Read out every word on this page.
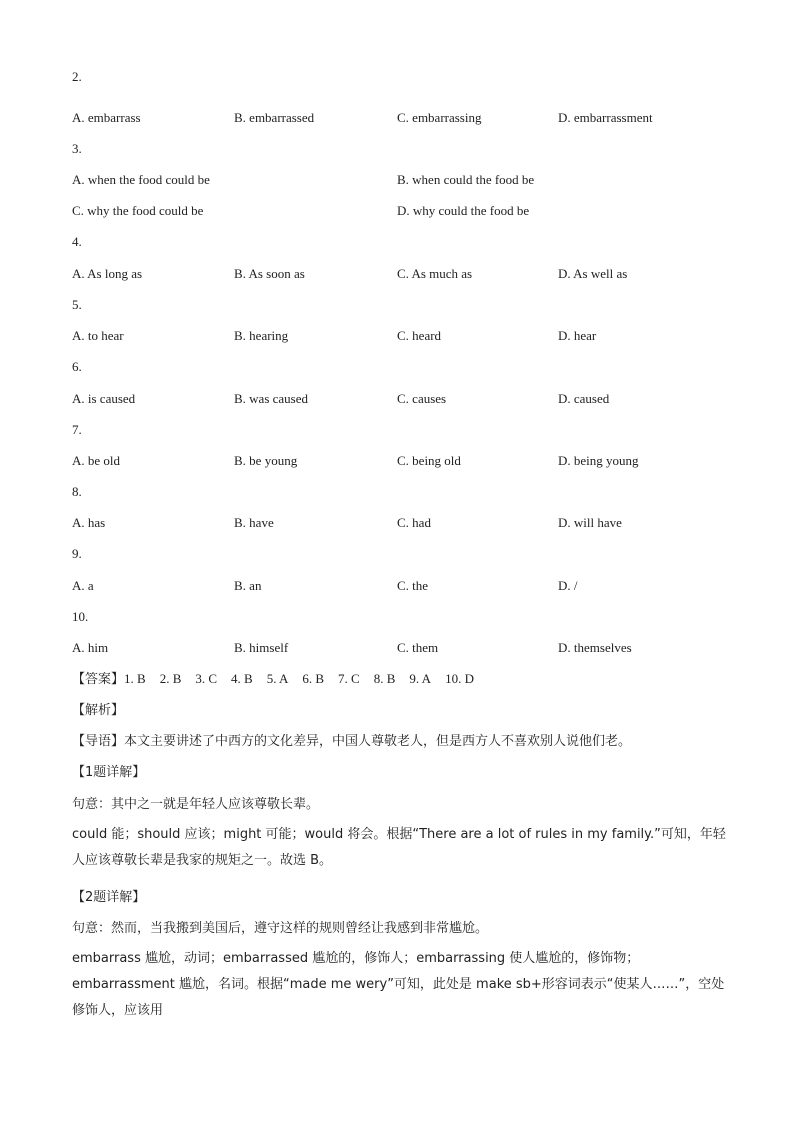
2.
A. embarrass	B. embarrassed	C. embarrassing	D. embarrassment
3.
A. when the food could be	B. when could the food be
C. why the food could be	D. why could the food be
4.
A. As long as	B. As soon as	C. As much as	D. As well as
5.
A. to hear	B. hearing	C. heard	D. hear
6.
A. is caused	B. was caused	C. causes	D. caused
7.
A. be old	B. be young	C. being old	D. being young
8.
A. has	B. have	C. had	D. will have
9.
A. a	B. an	C. the	D. /
10.
A. him	B. himself	C. them	D. themselves
【答案】1. B 2. B 3. C 4. B 5. A 6. B 7. C 8. B 9. A 10. D
【解析】
【导语】本文主要讲述了中西方的文化差异，中国人尊敬老人，但是西方人不喜欢别人说他们老。
【1题详解】
句意：其中之一就是年轻人应该尊敬长辈。
could 能；should 应该；might 可能；would 将会。根据“There are a lot of rules in my family.”可知，年轻人应该尊敬长辈是我家的规矩之一。故选 B。
【2题详解】
句意：然而，当我搬到美国后，遵守这样的规则曾经让我感到非常尴尬。
embarrass 尴尬，动词；embarrassed 尴尬的，修饰人；embarrassing 使人尴尬的，修饰物；embarrassment 尴尬，名词。根据“made me wery”可知，此处是 make sb+形容词表示“使某人……”，空处修饰人，应该用
